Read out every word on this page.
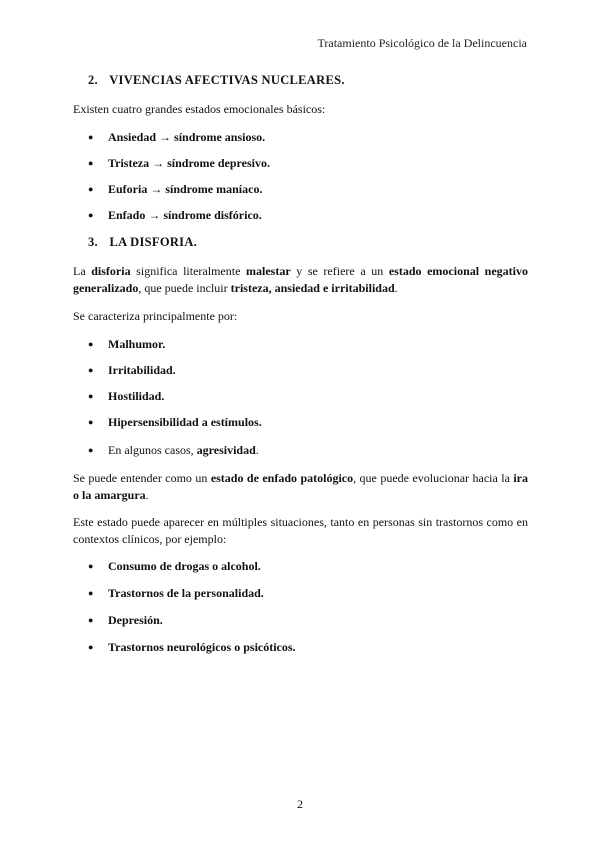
Tratamiento Psicológico de la Delincuencia
2. VIVENCIAS AFECTIVAS NUCLEARES.
Existen cuatro grandes estados emocionales básicos:
● Ansiedad → síndrome ansioso.
● Tristeza → síndrome depresivo.
● Euforia → síndrome maníaco.
● Enfado → síndrome disfórico.
3. LA DISFORIA.
La disforia significa literalmente malestar y se refiere a un estado emocional negativo generalizado, que puede incluir tristeza, ansiedad e irritabilidad.
Se caracteriza principalmente por:
● Malhumor.
● Irritabilidad.
● Hostilidad.
● Hipersensibilidad a estímulos.
● En algunos casos, agresividad.
Se puede entender como un estado de enfado patológico, que puede evolucionar hacia la ira o la amargura.
Este estado puede aparecer en múltiples situaciones, tanto en personas sin trastornos como en contextos clínicos, por ejemplo:
● Consumo de drogas o alcohol.
● Trastornos de la personalidad.
● Depresión.
● Trastornos neurológicos o psicóticos.
2
